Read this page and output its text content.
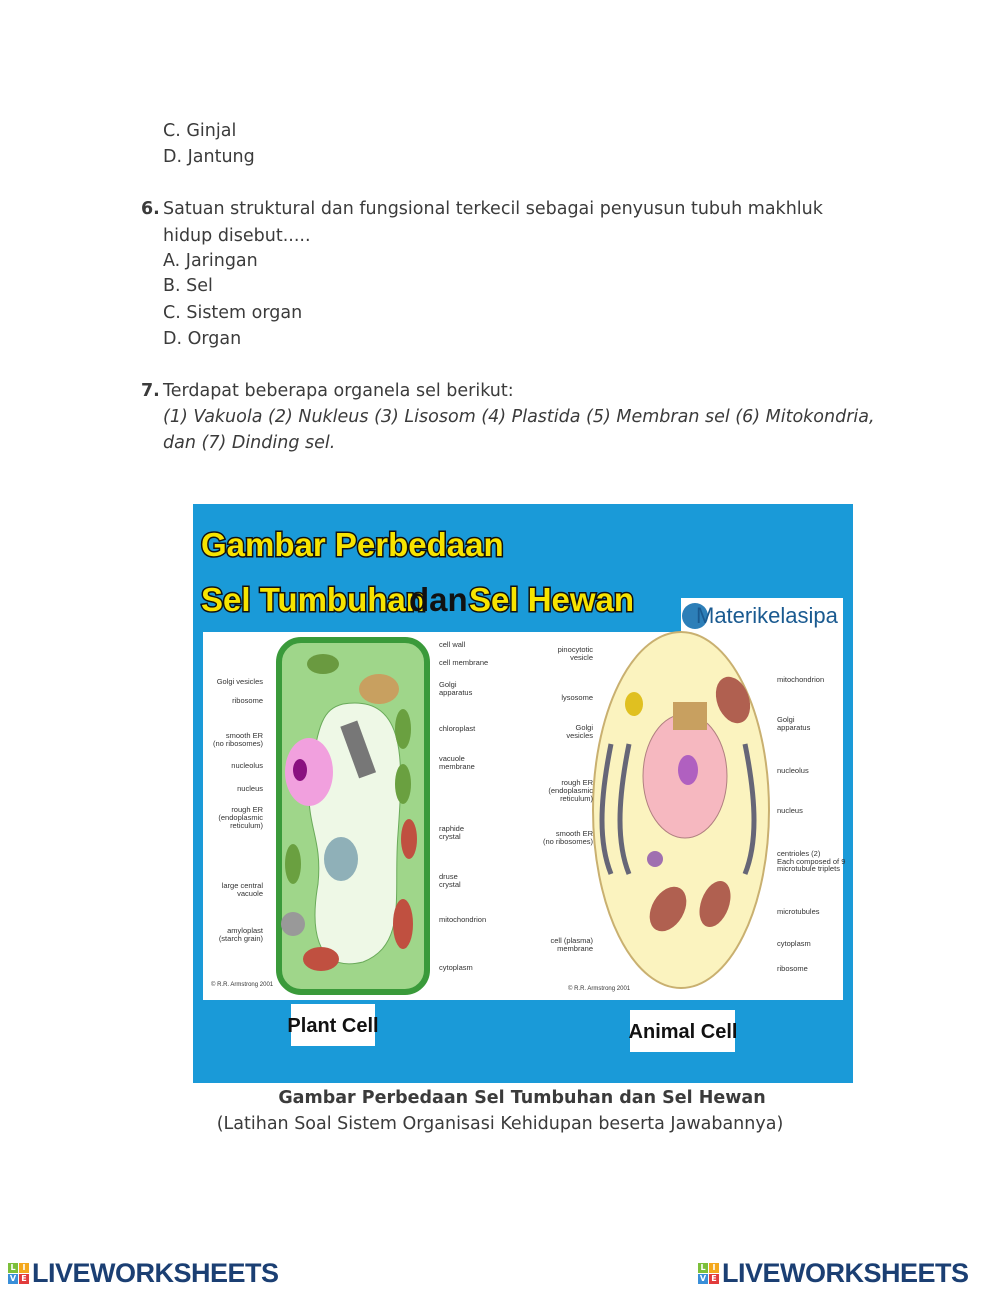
C. Ginjal
D. Jantung
6. Satuan struktural dan fungsional terkecil sebagai penyusun tubuh makhluk
hidup disebut.....
A. Jaringan
B. Sel
C. Sistem organ
D. Organ
7. Terdapat beberapa organela sel berikut:
(1) Vakuola (2) Nukleus (3) Lisosom (4) Plastida (5) Membran sel (6) Mitokondria,
dan (7) Dinding sel.
Gambar Perbedaan
Sel Tumbuhan
dan Sel Hewan	Materikelasipa
Golgi vesicles
ribosome
smooth ER
(no ribosomes)
nucleolus
nucleus
rough ER
(endoplasmic
reticulum)
large central
vacuole
amyloplast
(starch grain)
cell wall
cell membrane
Golgi
apparatus
chloroplast
vacuole
membrane
raphide
crystal
druse
crystal
mitochondrion
cytoplasm
pinocytotic
vesicle
lysosome
Golgi
vesicles
rough ER
(endoplasmic
reticulum)
smooth ER
(no ribosomes)
cell (plasma)
membrane
mitochondrion
Golgi
apparatus
nucleolus
nucleus
centrioles (2)
Each composed of 9
microtubule triplets
microtubules
cytoplasm
ribosome
© R.R. Armstrong 2001
© R.R. Armstrong 2001
Plant Cell	Animal Cell
Gambar Perbedaan Sel Tumbuhan dan Sel Hewan
(Latihan Soal Sistem Organisasi Kehidupan beserta Jawabannya)
L I
V E LIVEWORKSHEETS	L I
V E LIVEWORKSHEETS
